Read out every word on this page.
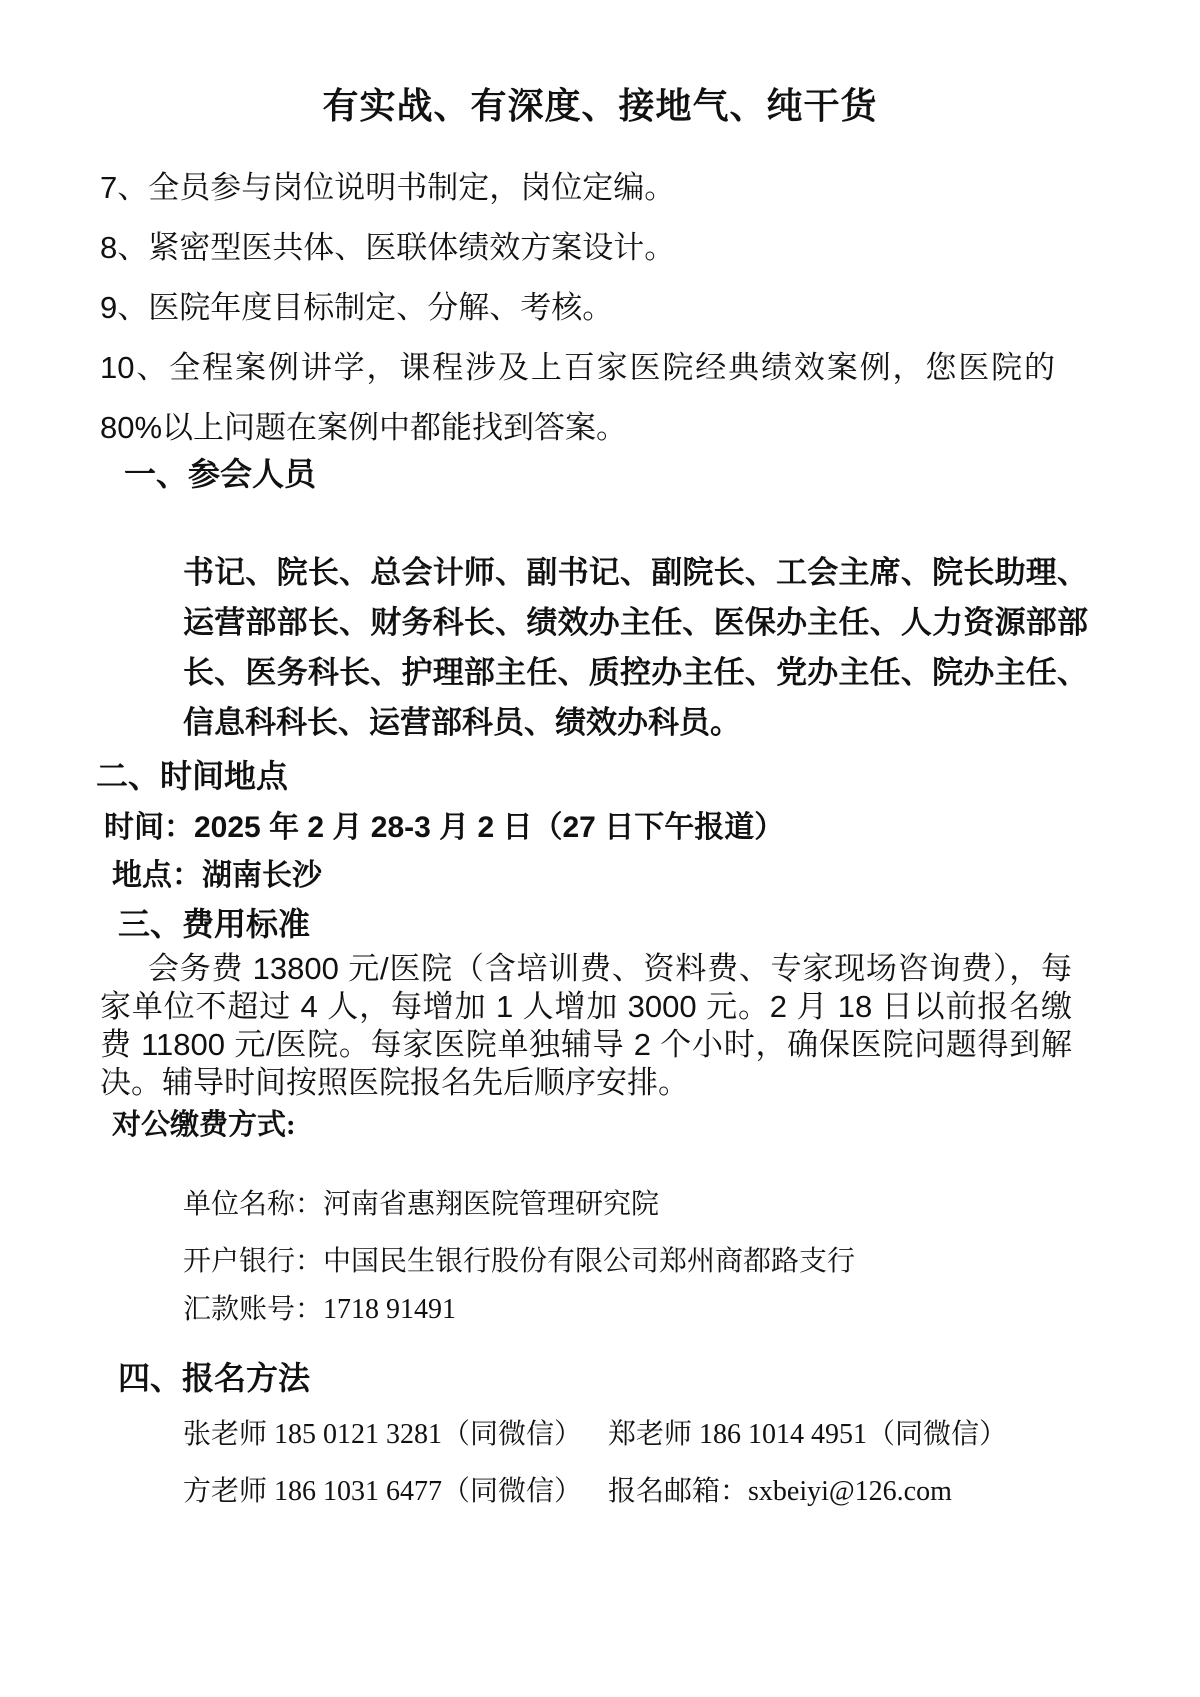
有实战、有深度、接地气、纯干货
7、全员参与岗位说明书制定，岗位定编。
8、紧密型医共体、医联体绩效方案设计。
9、医院年度目标制定、分解、考核。
10、全程案例讲学，课程涉及上百家医院经典绩效案例，您医院的 80%以上问题在案例中都能找到答案。
一、参会人员
书记、院长、总会计师、副书记、副院长、工会主席、院长助理、运营部部长、财务科长、绩效办主任、医保办主任、人力资源部部长、医务科长、护理部主任、质控办主任、党办主任、院办主任、信息科科长、运营部科员、绩效办科员。
二、时间地点
时间：2025 年 2 月 28-3 月 2 日（27 日下午报道）
地点：湖南长沙
三、费用标准
会务费 13800 元/医院（含培训费、资料费、专家现场咨询费），每家单位不超过 4 人，每增加 1 人增加 3000 元。2 月 18 日以前报名缴费 11800 元/医院。每家医院单独辅导 2 个小时，确保医院问题得到解决。辅导时间按照医院报名先后顺序安排。
对公缴费方式:
单位名称：河南省惠翔医院管理研究院
开户银行：中国民生银行股份有限公司郑州商都路支行
汇款账号：1718 91491
四、报名方法
张老师 185 0121 3281（同微信） 郑老师 186 1014 4951（同微信）
方老师 186 1031 6477（同微信） 报名邮箱：sxbeiyi@126.com
